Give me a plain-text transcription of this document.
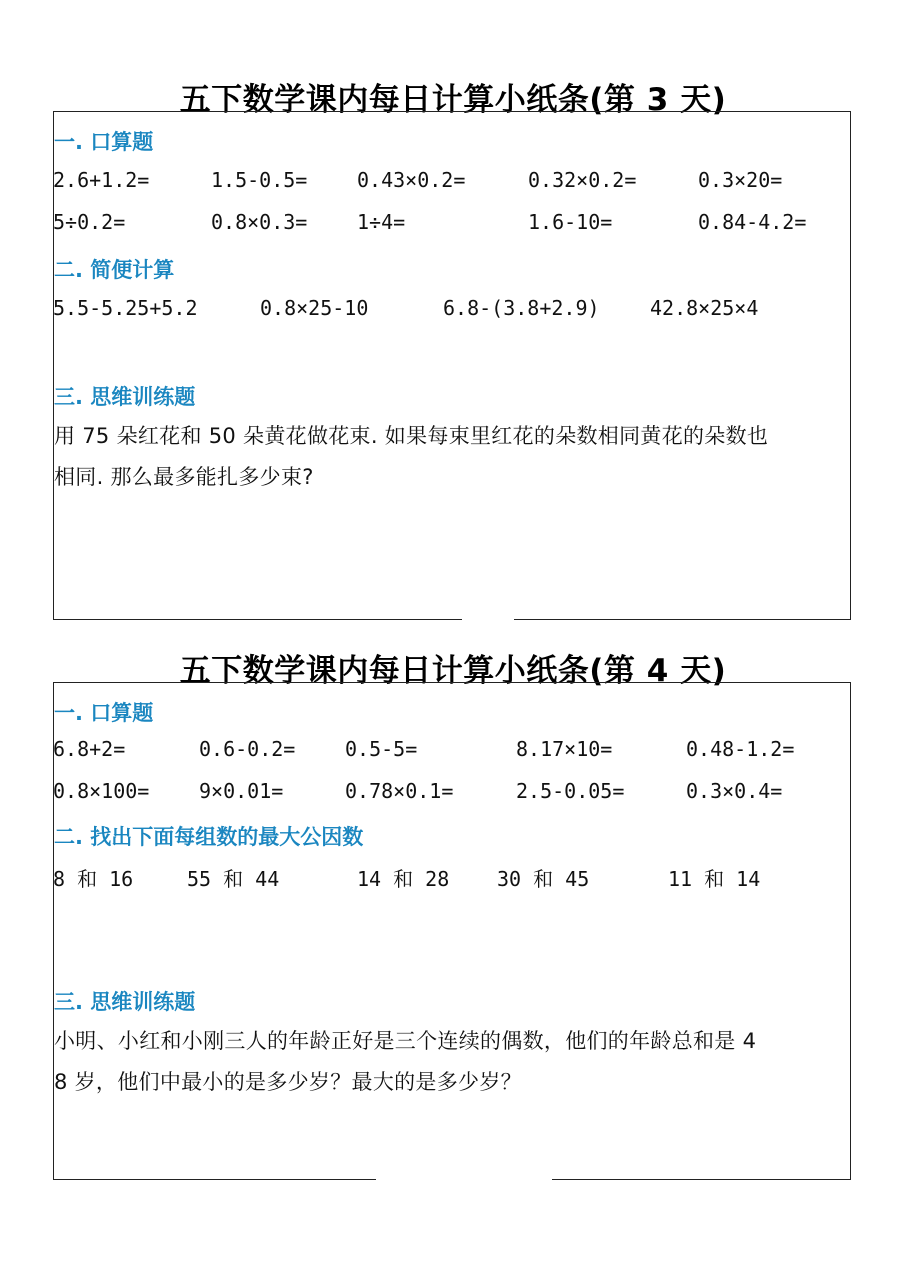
五下数学课内每日计算小纸条(第 3 天)
一. 口算题
2.6+1.2=	1.5-0.5= 0.43×0.2=	0.32×0.2=	0.3×20=
5÷0.2=	0.8×0.3= 1÷4=	1.6-10=	0.84-4.2=
二. 简便计算
5.5-5.25+5.2	0.8×25-10	6.8-(3.8+2.9)	42.8×25×4
三. 思维训练题
用 75 朵红花和 50 朵黄花做花束. 如果每束里红花的朵数相同黄花的朵数也
相同. 那么最多能扎多少束?
五下数学课内每日计算小纸条(第 4 天)
一. 口算题
6.8+2=	0.6-0.2= 0.5-5=	8.17×10=	0.48-1.2=
0.8×100= 9×0.01=	0.78×0.1=	2.5-0.05=	0.3×0.4=
二. 找出下面每组数的最大公因数
8 和 16	55 和 44	14 和 28 30 和 45	11 和 14
三. 思维训练题
小明、小红和小刚三人的年龄正好是三个连续的偶数，他们的年龄总和是 4
8 岁，他们中最小的是多少岁？最大的是多少岁？
